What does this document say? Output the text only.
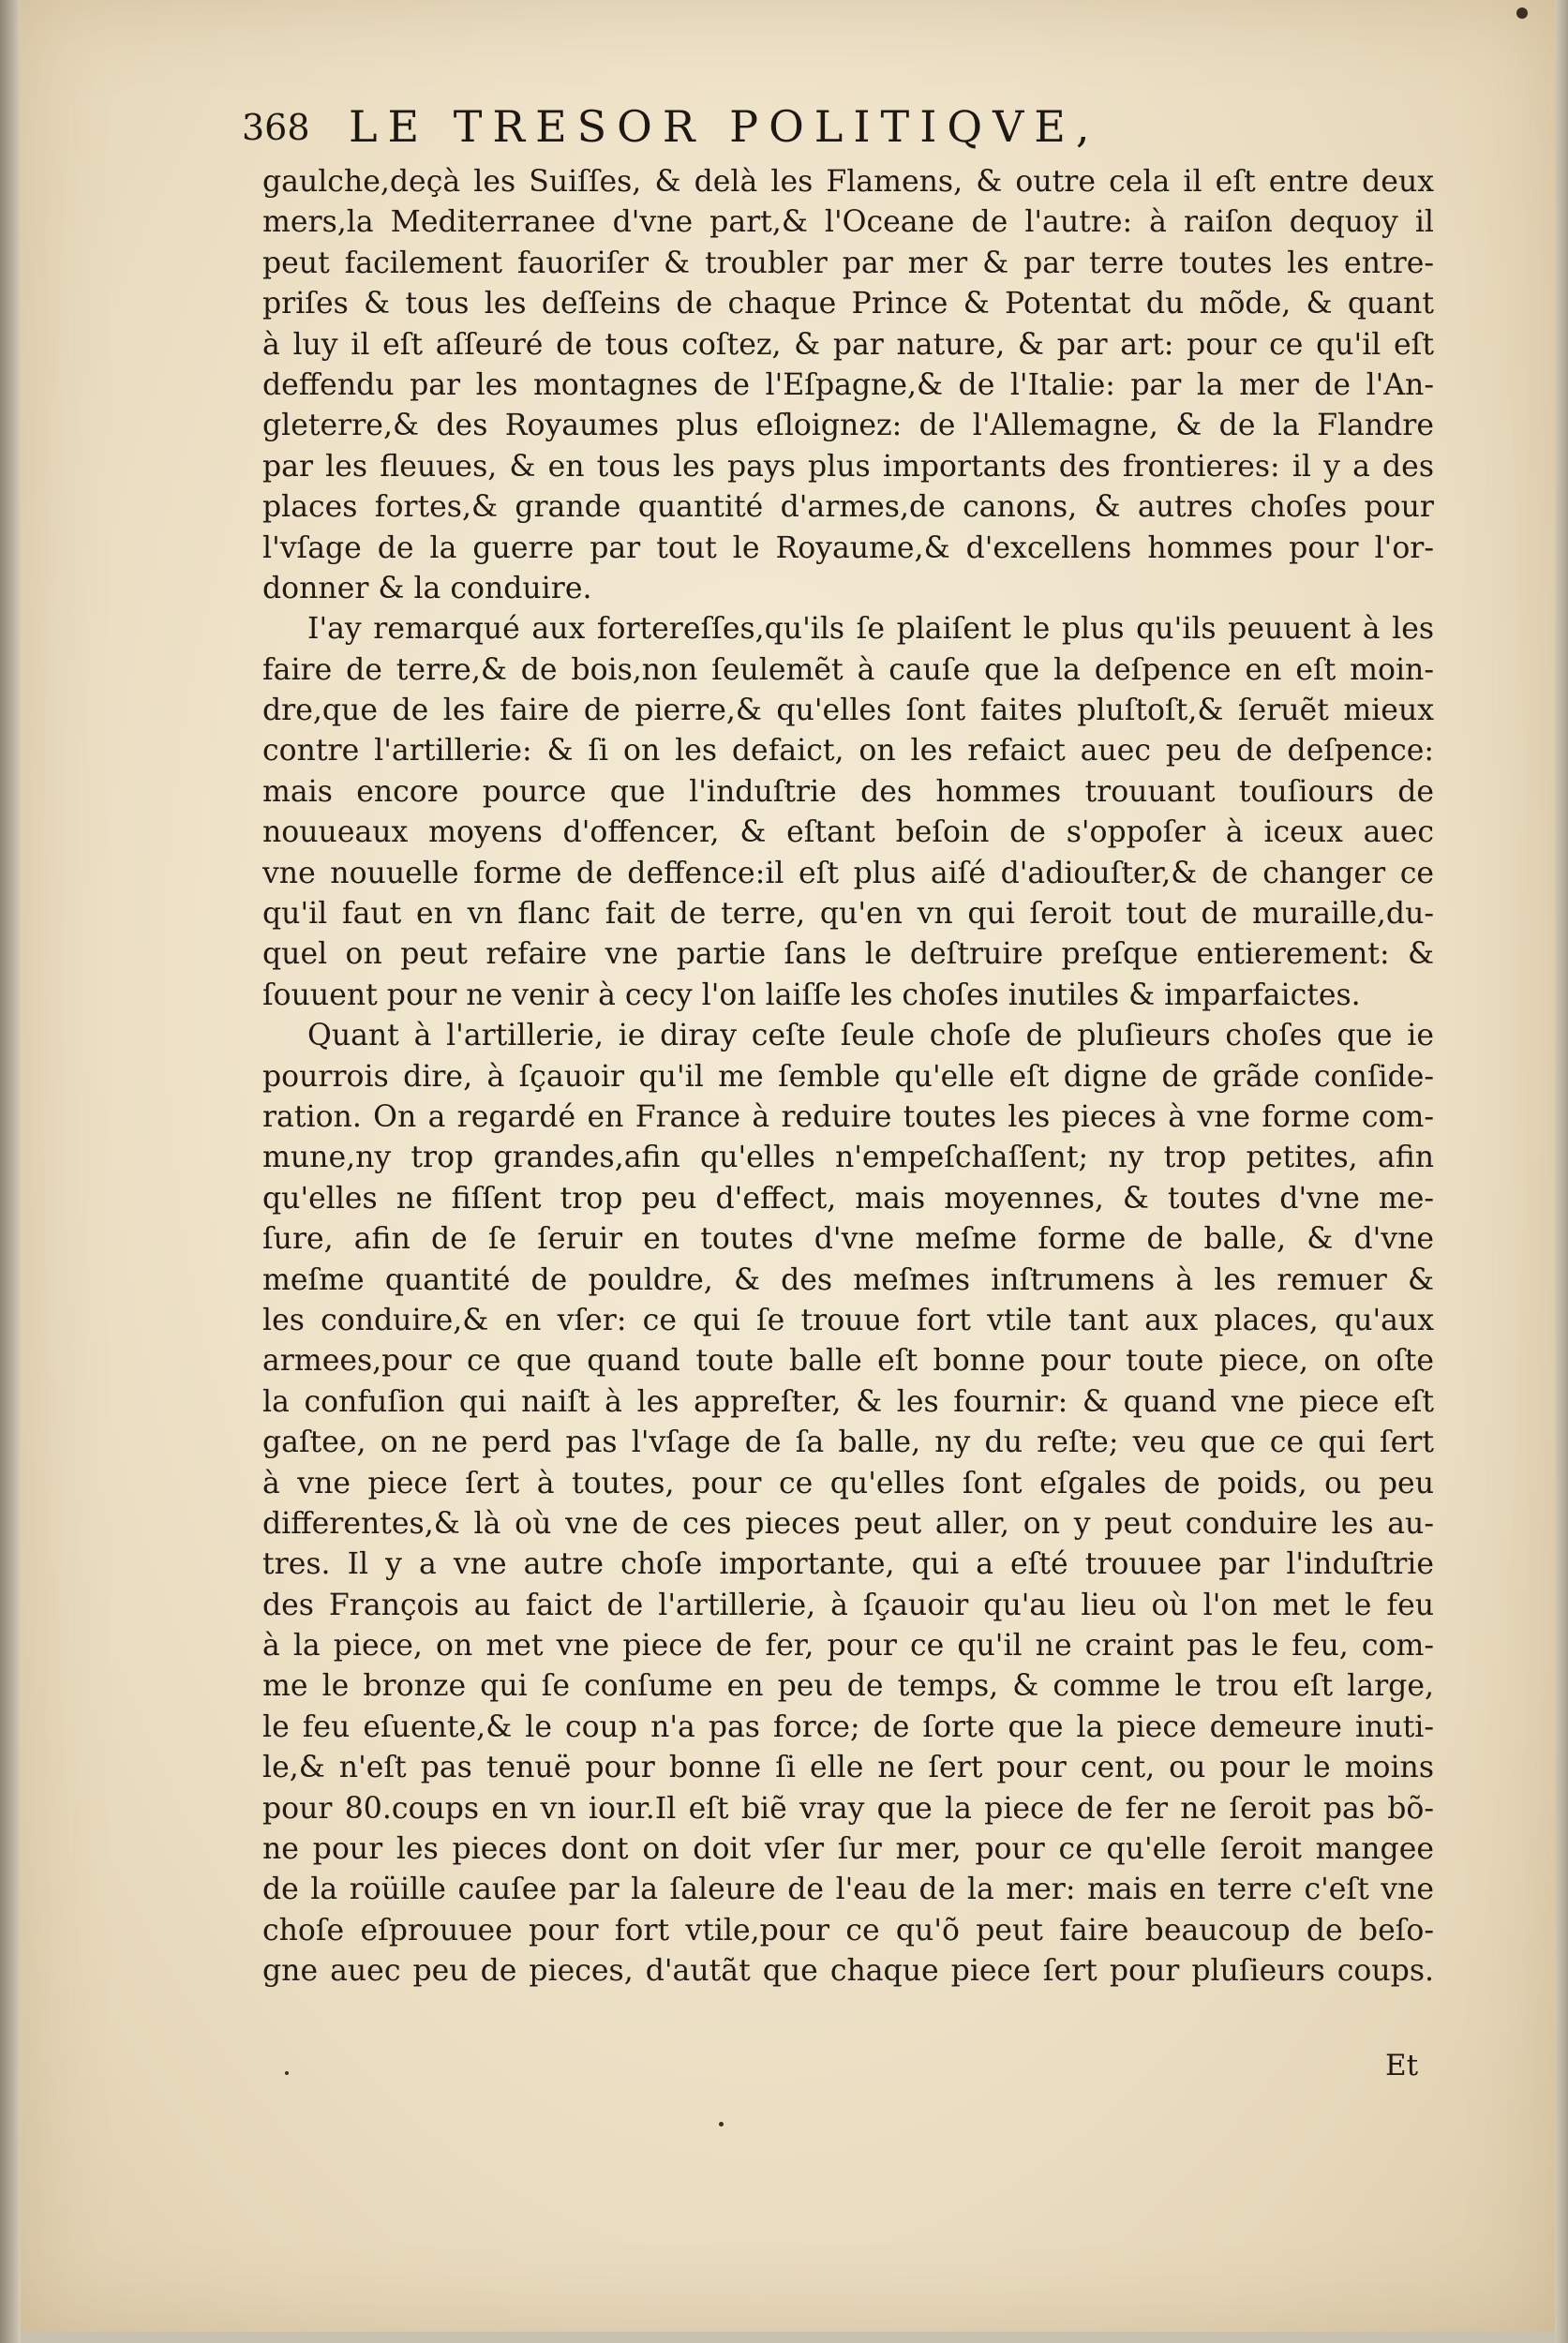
368 LE TRESOR POLITIQVE,
gaulche,deçà les Suiſſes, & delà les Flamens, & outre cela il eſt entre deux
mers,la Mediterranee d'vne part,& l'Oceane de l'autre: à raiſon dequoy il
peut facilement fauoriſer & troubler par mer & par terre toutes les entre-
priſes & tous les deſſeins de chaque Prince & Potentat du mõde, & quant
à luy il eſt aſſeuré de tous coſtez, & par nature, & par art: pour ce qu'il eſt
deffendu par les montagnes de l'Eſpagne,& de l'Italie: par la mer de l'An-
gleterre,& des Royaumes plus eſloignez: de l'Allemagne, & de la Flandre
par les fleuues, & en tous les pays plus importants des frontieres: il y a des
places fortes,& grande quantité d'armes,de canons, & autres choſes pour
l'vſage de la guerre par tout le Royaume,& d'excellens hommes pour l'or-
donner & la conduire.
I'ay remarqué aux fortereſſes,qu'ils ſe plaiſent le plus qu'ils peuuent à les
faire de terre,& de bois,non ſeulemẽt à cauſe que la deſpence en eſt moin-
dre,que de les faire de pierre,& qu'elles ſont faites pluſtoſt,& ſeruẽt mieux
contre l'artillerie: & ſi on les defaict, on les refaict auec peu de deſpence:
mais encore pource que l'induſtrie des hommes trouuant touſiours de
nouueaux moyens d'offencer, & eſtant beſoin de s'oppoſer à iceux auec
vne nouuelle forme de deffence:il eſt plus aiſé d'adiouſter,& de changer ce
qu'il faut en vn flanc fait de terre, qu'en vn qui ſeroit tout de muraille,du-
quel on peut refaire vne partie ſans le deſtruire preſque entierement: &
ſouuent pour ne venir à cecy l'on laiſſe les choſes inutiles & imparfaictes.
Quant à l'artillerie, ie diray ceſte ſeule choſe de pluſieurs choſes que ie
pourrois dire, à ſçauoir qu'il me ſemble qu'elle eſt digne de grãde conſide-
ration. On a regardé en France à reduire toutes les pieces à vne forme com-
mune,ny trop grandes,afin qu'elles n'empeſchaſſent; ny trop petites, afin
qu'elles ne fiſſent trop peu d'effect, mais moyennes, & toutes d'vne me-
ſure, afin de ſe ſeruir en toutes d'vne meſme forme de balle, & d'vne
meſme quantité de pouldre, & des meſmes inſtrumens à les remuer &
les conduire,& en vſer: ce qui ſe trouue fort vtile tant aux places, qu'aux
armees,pour ce que quand toute balle eſt bonne pour toute piece, on oſte
la confuſion qui naiſt à les appreſter, & les fournir: & quand vne piece eſt
gaſtee, on ne perd pas l'vſage de ſa balle, ny du reſte; veu que ce qui ſert
à vne piece ſert à toutes, pour ce qu'elles ſont eſgales de poids, ou peu
differentes,& là où vne de ces pieces peut aller, on y peut conduire les au-
tres. Il y a vne autre choſe importante, qui a eſté trouuee par l'induſtrie
des François au faict de l'artillerie, à ſçauoir qu'au lieu où l'on met le feu
à la piece, on met vne piece de fer, pour ce qu'il ne craint pas le feu, com-
me le bronze qui ſe conſume en peu de temps, & comme le trou eſt large,
le feu eſuente,& le coup n'a pas force; de ſorte que la piece demeure inuti-
le,& n'eſt pas tenuë pour bonne ſi elle ne ſert pour cent, ou pour le moins
pour 80.coups en vn iour.Il eſt biẽ vray que la piece de fer ne ſeroit pas bõ-
ne pour les pieces dont on doit vſer ſur mer, pour ce qu'elle ſeroit mangee
de la roüille cauſee par la ſaleure de l'eau de la mer: mais en terre c'eſt vne
choſe eſprouuee pour fort vtile,pour ce qu'õ peut faire beaucoup de beſo-
gne auec peu de pieces, d'autãt que chaque piece ſert pour pluſieurs coups.
Et
